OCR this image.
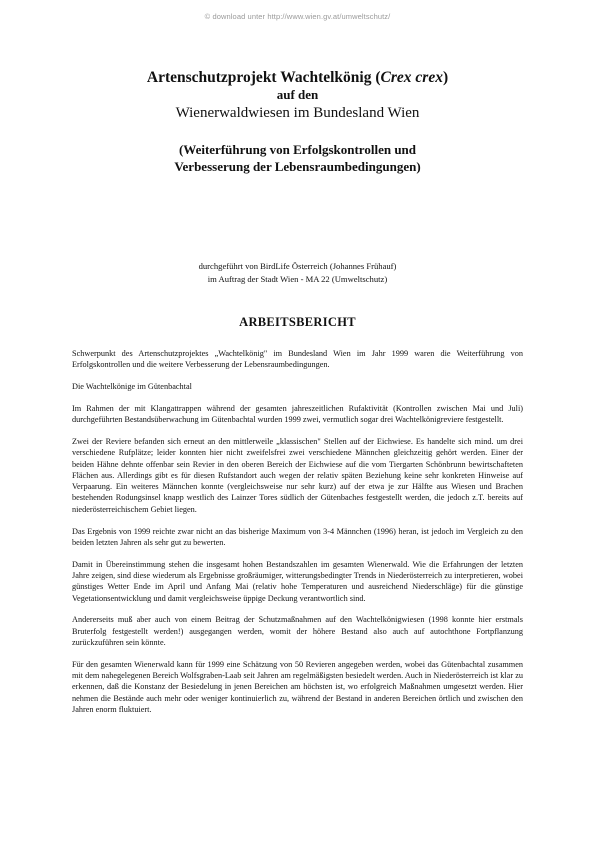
© download unter http://www.wien.gv.at/umweltschutz/
Artenschutzprojekt Wachtelkönig (Crex crex)
auf den
Wienerwaldwiesen im Bundesland Wien
(Weiterführung von Erfolgskontrollen und
Verbesserung der Lebensraumbedingungen)
durchgeführt von BirdLife Österreich (Johannes Frühauf)
im Auftrag der Stadt Wien - MA 22 (Umweltschutz)
ARBEITSBERICHT

Schwerpunkt des Artenschutzprojektes „Wachtelkönig" im Bundesland Wien im Jahr 1999 waren die Weiterführung von Erfolgskontrollen und die weitere Verbesserung der Lebensraumbedingungen.

Die Wachtelkönige im Gütenbachtal

Im Rahmen der mit Klangattrappen während der gesamten jahreszeitlichen Rufaktivität (Kontrollen zwischen Mai und Juli) durchgeführten Bestandsüberwachung im Gütenbachtal wurden 1999 zwei, vermutlich sogar drei Wachtelkönigreviere festgestellt.

Zwei der Reviere befanden sich erneut an den mittlerweile „klassischen" Stellen auf der Eichwiese. Es handelte sich mind. um drei verschiedene Rufplätze; leider konnten hier nicht zweifelsfrei zwei verschiedene Männchen gleichzeitig gehört werden. Einer der beiden Hähne dehnte offenbar sein Revier in den oberen Bereich der Eichwiese auf die vom Tiergarten Schönbrunn bewirtschafteten Flächen aus. Allerdings gibt es für diesen Rufstandort auch wegen der relativ späten Beziehung keine sehr konkreten Hinweise auf Verpaarung. Ein weiteres Männchen konnte (vergleichsweise nur sehr kurz) auf der etwa je zur Hälfte aus Wiesen und Brachen bestehenden Rodungsinsel knapp westlich des Lainzer Tores südlich der Gütenbaches festgestellt werden, die jedoch z.T. bereits auf niederösterreichischem Gebiet liegen.

Das Ergebnis von 1999 reichte zwar nicht an das bisherige Maximum von 3-4 Männchen (1996) heran, ist jedoch im Vergleich zu den beiden letzten Jahren als sehr gut zu bewerten.

Damit in Übereinstimmung stehen die insgesamt hohen Bestandszahlen im gesamten Wienerwald. Wie die Erfahrungen der letzten Jahre zeigen, sind diese wiederum als Ergebnisse großräumiger, witterungsbedingter Trends in Niederösterreich zu interpretieren, wobei günstiges Wetter Ende im April und Anfang Mai (relativ hohe Temperaturen und ausreichend Niederschläge) für die günstige Vegetationsentwicklung und damit vergleichsweise üppige Deckung verantwortlich sind.

Andererseits muß aber auch von einem Beitrag der Schutzmaßnahmen auf den Wachtelkönigwiesen (1998 konnte hier erstmals Bruterfolg festgestellt werden!) ausgegangen werden, womit der höhere Bestand also auch auf autochthone Fortpflanzung zurückzuführen sein könnte.

Für den gesamten Wienerwald kann für 1999 eine Schätzung von 50 Revieren angegeben werden, wobei das Gütenbachtal zusammen mit dem nahegelegenen Bereich Wolfsgraben-Laab seit Jahren am regelmäßigsten besiedelt werden. Auch in Niederösterreich ist klar zu erkennen, daß die Konstanz der Besiedelung in jenen Bereichen am höchsten ist, wo erfolgreich Maßnahmen umgesetzt werden. Hier nehmen die Bestände auch mehr oder weniger kontinuierlich zu, während der Bestand in anderen Bereichen örtlich und zwischen den Jahren enorm fluktuiert.
